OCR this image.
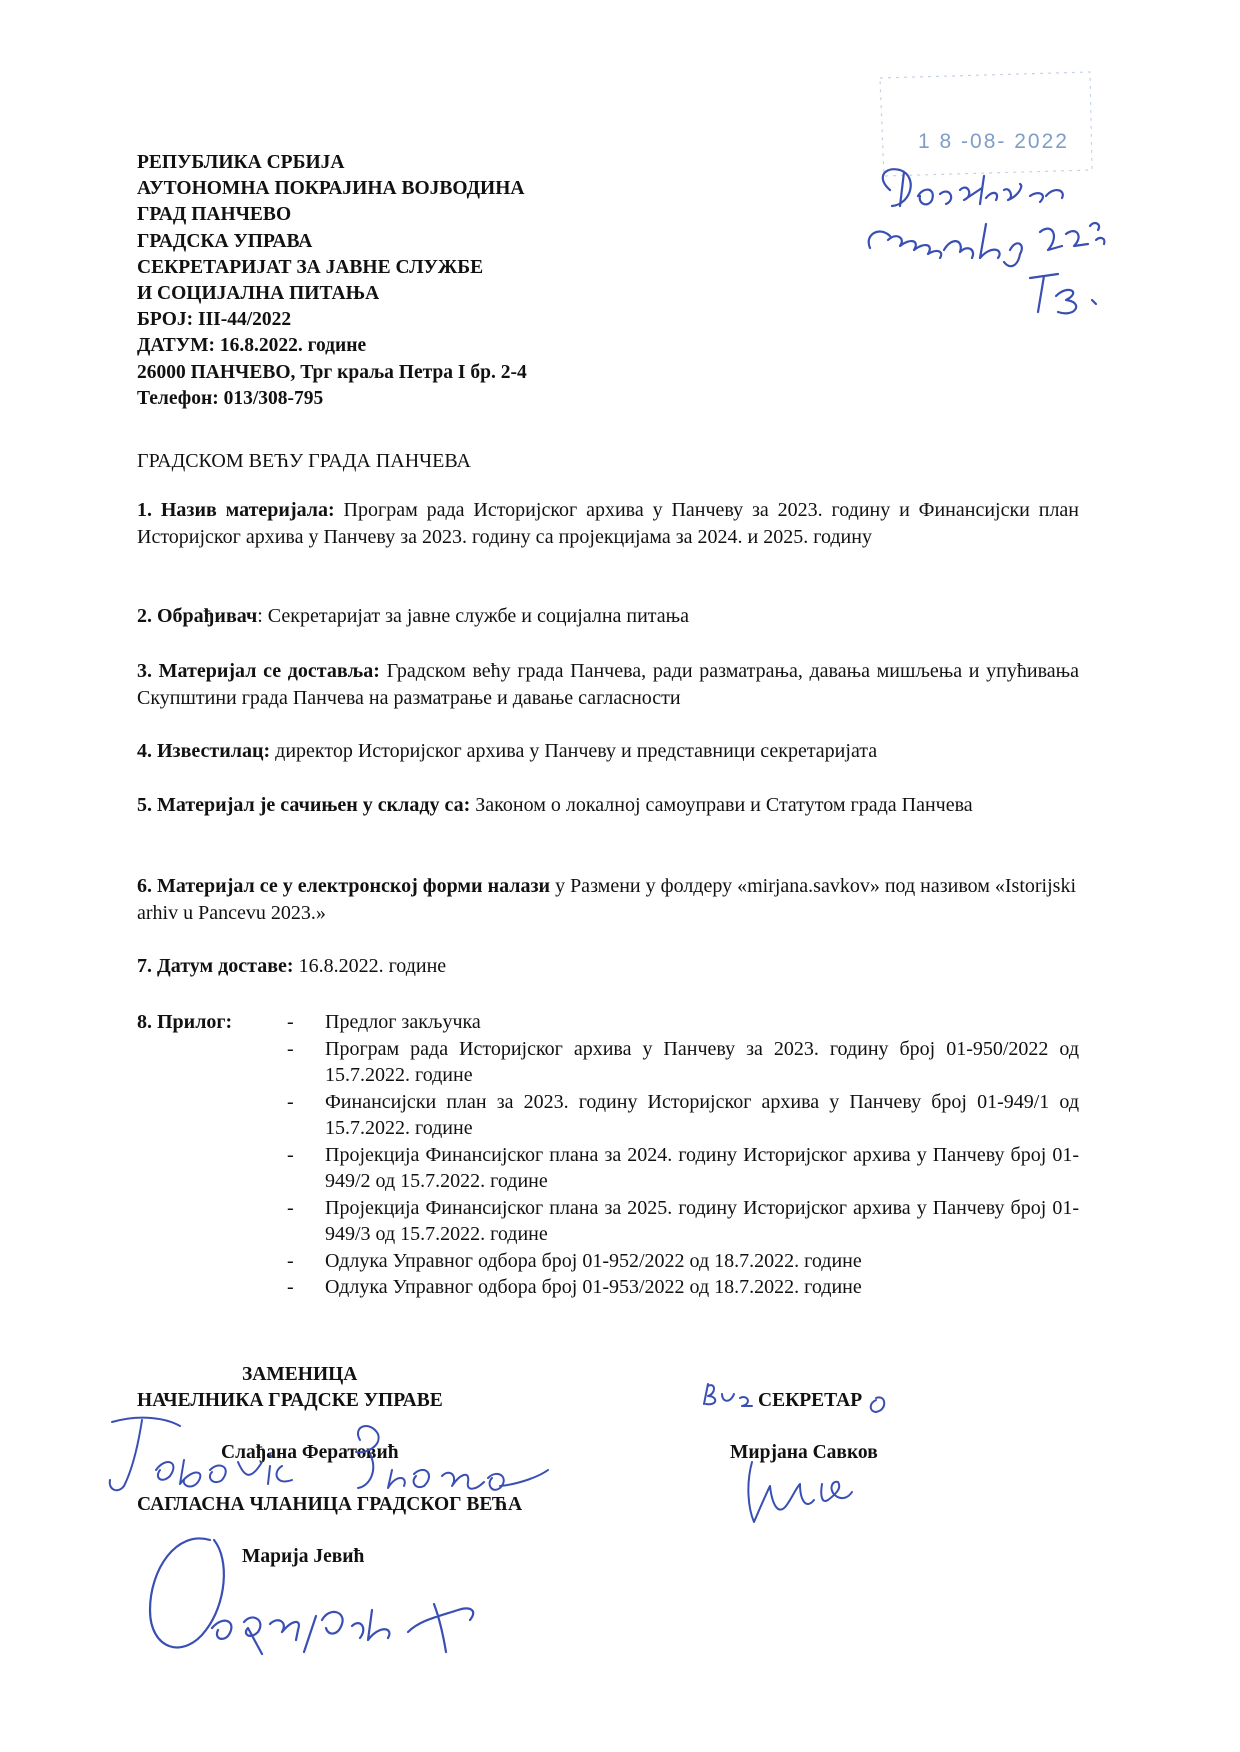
РЕПУБЛИКА СРБИЈА
АУТОНОМНА ПОКРАЈИНА ВОЈВОДИНА
ГРАД ПАНЧЕВО
ГРАДСКА УПРАВА
СЕКРЕТАРИЈАТ ЗА ЈАВНЕ СЛУЖБЕ
И СОЦИЈАЛНА ПИТАЊА
БРОЈ: III-44/2022
ДАТУМ: 16.8.2022. године
26000 ПАНЧЕВО, Трг краља Петра I бр. 2-4
Телефон: 013/308-795
1 8 -08- 2022
ГРАДСКОМ ВЕЋУ ГРАДА ПАНЧЕВА
1. Назив материјала: Програм рада Историјског архива у Панчеву за 2023. годину и Финансијски план Историјског архива у Панчеву за 2023. годину са пројекцијама за 2024. и 2025. годину
2. Обрађивач: Секретаријат за јавне службе и социјална питања
3. Материјал се доставља: Градском већу града Панчева, ради разматрања, давања мишљења и упућивања Скупштини града Панчева на разматрање и давање сагласности
4. Известилац: директор Историјског архива у Панчеву и представници секретаријата
5. Материјал је сачињен у складу са: Законом о локалној самоуправи и Статутом града Панчева
6. Материјал се у електронској форми налази у Размени у фолдеру «mirjana.savkov» под називом «Istorijski arhiv u Pancevu 2023.»
7. Датум доставе: 16.8.2022. године
8. Прилог:	-	Предлог закључка
-	Програм рада Историјског архива у Панчеву за 2023. годину број 01-950/2022 од 15.7.2022. године
-	Финансијски план за 2023. годину Историјског архива у Панчеву број 01-949/1 од 15.7.2022. године
-	Пројекција Финансијског плана за 2024. годину Историјског архива у Панчеву број 01-949/2 од 15.7.2022. године
-	Пројекција Финансијског плана за 2025. годину Историјског архива у Панчеву број 01-949/3 од 15.7.2022. године
-	Одлука Управног одбора број 01-952/2022 од 18.7.2022. године
-	Одлука Управног одбора број 01-953/2022 од 18.7.2022. године
ЗАМЕНИЦА
НАЧЕЛНИКА ГРАДСКЕ УПРАВЕ
Слађана Фератовић
САГЛАСНА ЧЛАНИЦА ГРАДСКОГ ВЕЋА
Марија Јевић
СЕКРЕТАР
Мирјана Савков
